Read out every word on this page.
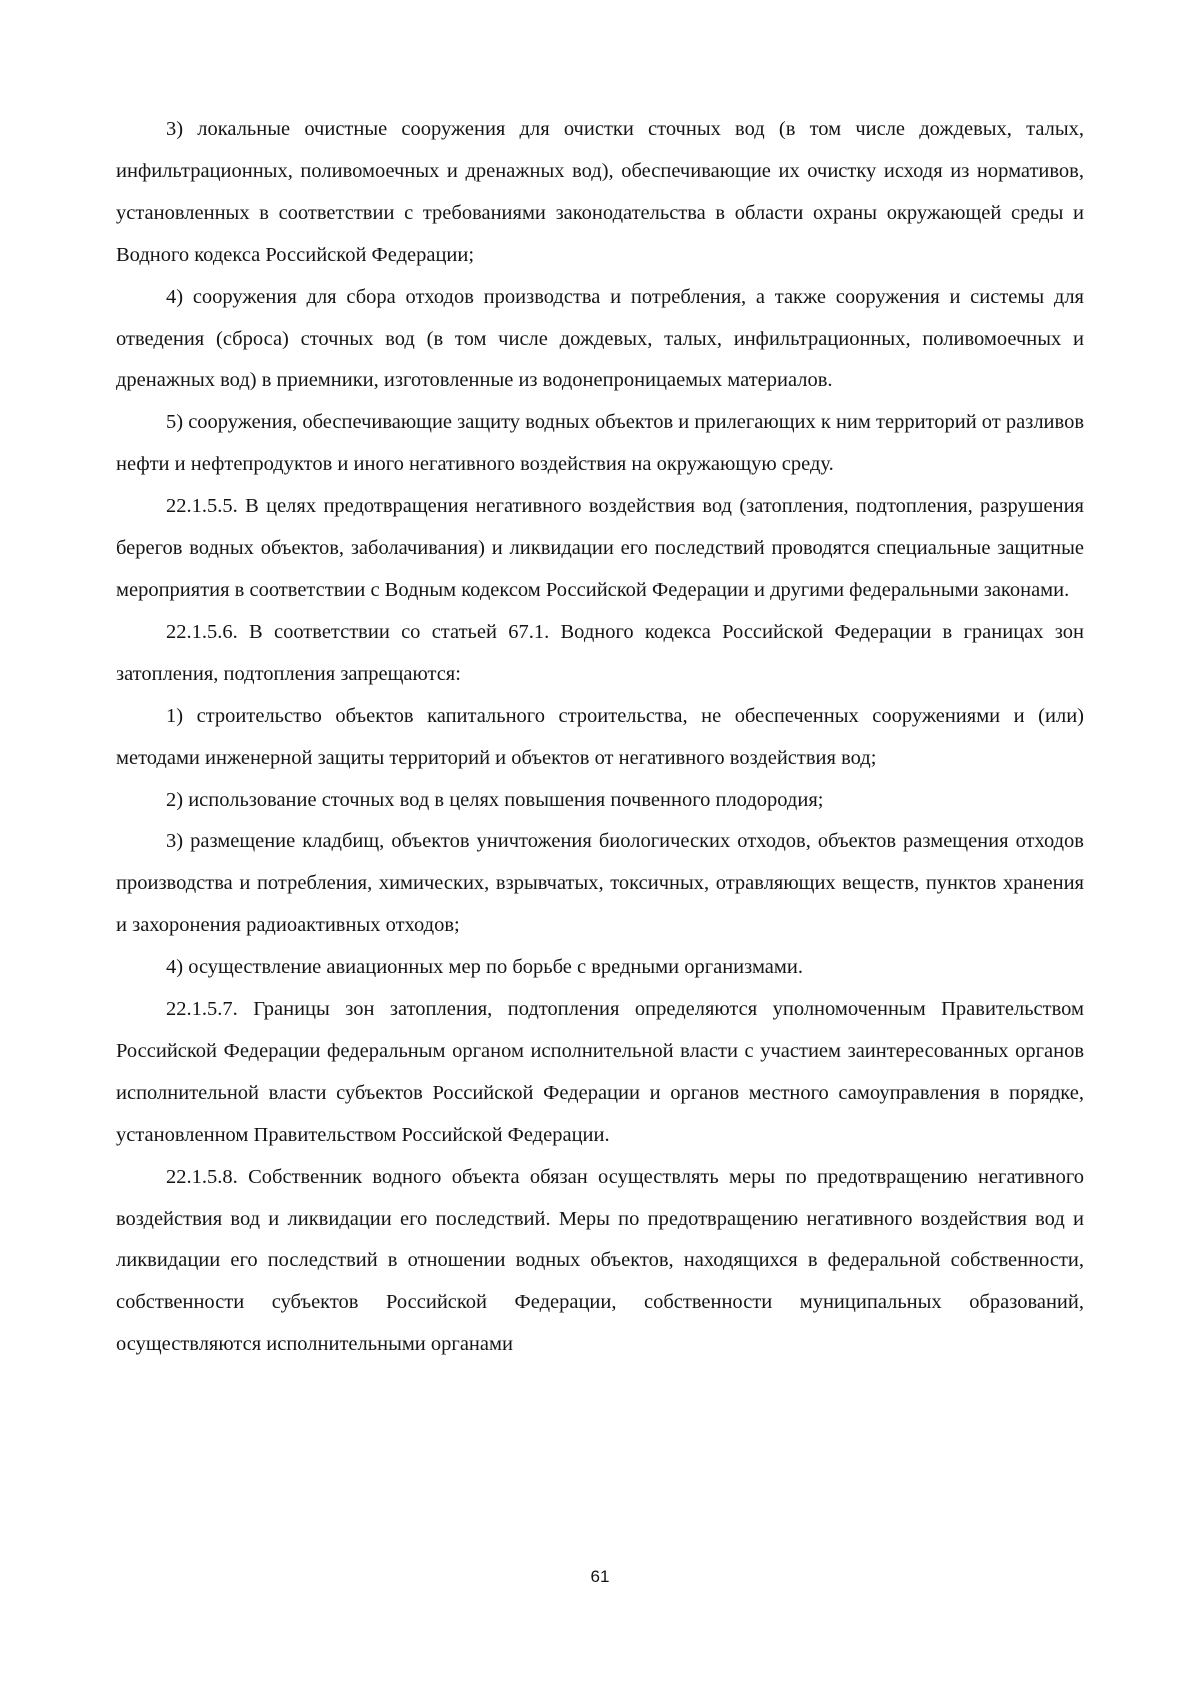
3) локальные очистные сооружения для очистки сточных вод (в том числе дождевых, талых, инфильтрационных, поливомоечных и дренажных вод), обеспечивающие их очистку исходя из нормативов, установленных в соответствии с требованиями законодательства в области охраны окружающей среды и Водного кодекса Российской Федерации;

4) сооружения для сбора отходов производства и потребления, а также сооружения и системы для отведения (сброса) сточных вод (в том числе дождевых, талых, инфильтрационных, поливомоечных и дренажных вод) в приемники, изготовленные из водонепроницаемых материалов.

5) сооружения, обеспечивающие защиту водных объектов и прилегающих к ним территорий от разливов нефти и нефтепродуктов и иного негативного воздействия на окружающую среду.

22.1.5.5. В целях предотвращения негативного воздействия вод (затопления, подтопления, разрушения берегов водных объектов, заболачивания) и ликвидации его последствий проводятся специальные защитные мероприятия в соответствии с Водным кодексом Российской Федерации и другими федеральными законами.

22.1.5.6. В соответствии со статьей 67.1. Водного кодекса Российской Федерации в границах зон затопления, подтопления запрещаются:

1) строительство объектов капитального строительства, не обеспеченных сооружениями и (или) методами инженерной защиты территорий и объектов от негативного воздействия вод;

2) использование сточных вод в целях повышения почвенного плодородия;

3) размещение кладбищ, объектов уничтожения биологических отходов, объектов размещения отходов производства и потребления, химических, взрывчатых, токсичных, отравляющих веществ, пунктов хранения и захоронения радиоактивных отходов;

4) осуществление авиационных мер по борьбе с вредными организмами.

22.1.5.7. Границы зон затопления, подтопления определяются уполномоченным Правительством Российской Федерации федеральным органом исполнительной власти с участием заинтересованных органов исполнительной власти субъектов Российской Федерации и органов местного самоуправления в порядке, установленном Правительством Российской Федерации.

22.1.5.8. Собственник водного объекта обязан осуществлять меры по предотвращению негативного воздействия вод и ликвидации его последствий. Меры по предотвращению негативного воздействия вод и ликвидации его последствий в отношении водных объектов, находящихся в федеральной собственности, собственности субъектов Российской Федерации, собственности муниципальных образований, осуществляются исполнительными органами

61
